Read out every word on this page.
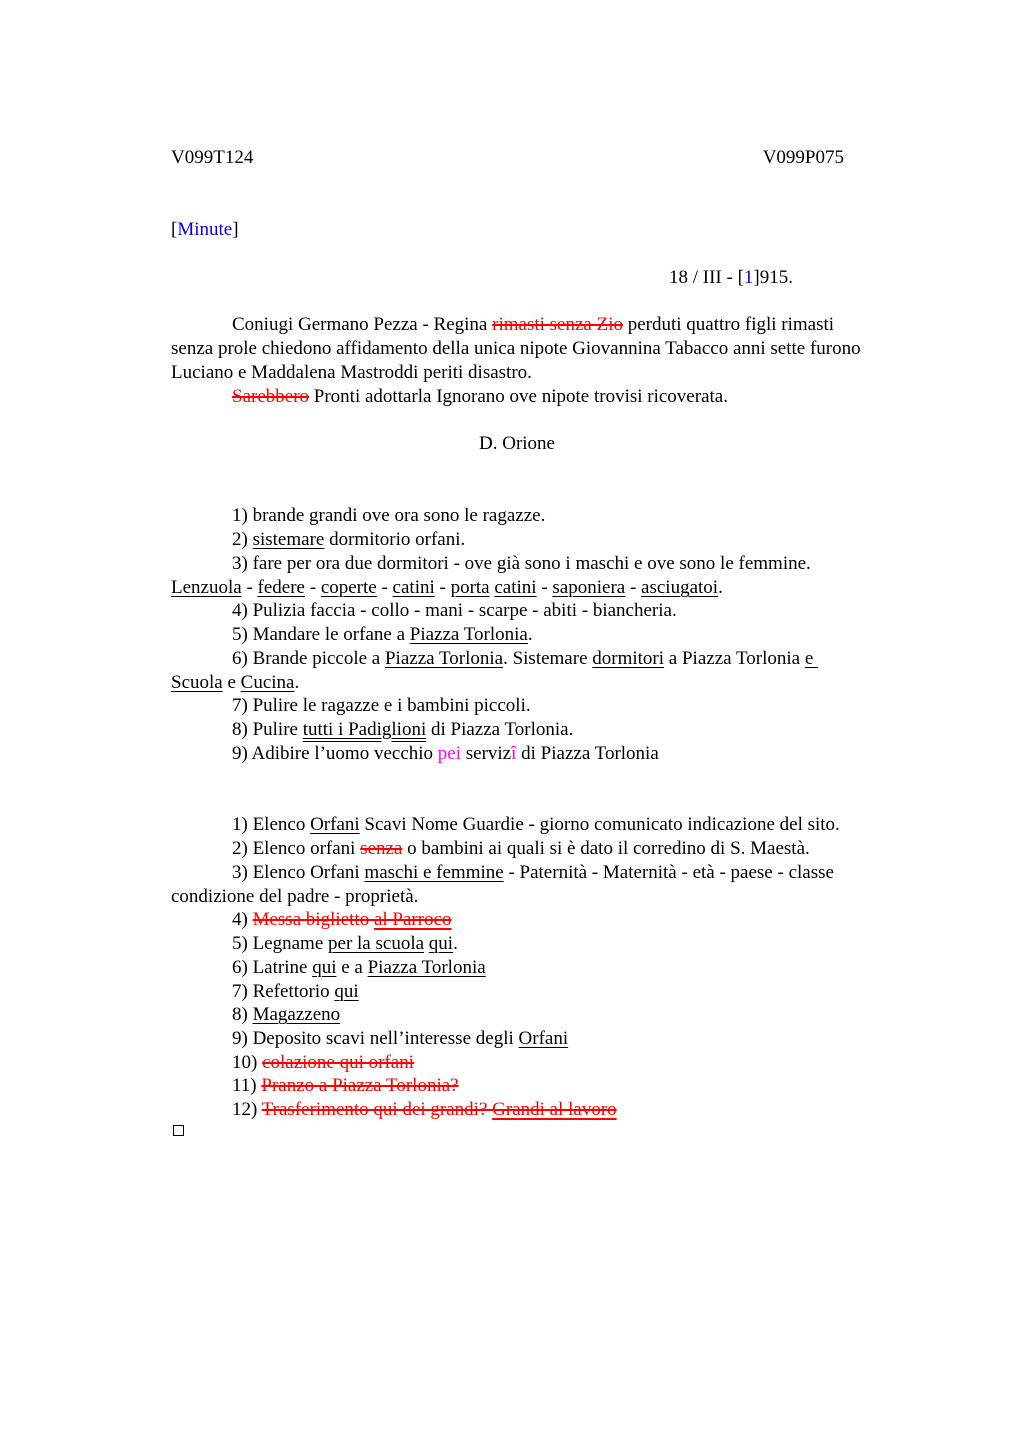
V099T124	V099P075
[Minute]
18 / III - [1]915.
Coniugi Germano Pezza - Regina rimasti senza Zio perduti quattro figli rimasti
senza prole chiedono affidamento della unica nipote Giovannina Tabacco anni sette furono
Luciano e Maddalena Mastroddi periti disastro.
Sarebbero Pronti adottarla Ignorano ove nipote trovisi ricoverata.
D. Orione
1) brande grandi ove ora sono le ragazze.
2) sistemare dormitorio orfani.
3) fare per ora due dormitori - ove già sono i maschi e ove sono le femmine.
Lenzuola - federe - coperte - catini - porta catini - saponiera - asciugatoi.
4) Pulizia faccia - collo - mani - scarpe - abiti - biancheria.
5) Mandare le orfane a Piazza Torlonia.
6) Brande piccole a Piazza Torlonia. Sistemare dormitori a Piazza Torlonia e
Scuola e Cucina.
7) Pulire le ragazze e i bambini piccoli.
8) Pulire tutti i Padiglioni di Piazza Torlonia.
9) Adibire l’uomo vecchio pei servizî di Piazza Torlonia
1) Elenco Orfani Scavi Nome Guardie - giorno comunicato indicazione del sito.
2) Elenco orfani senza o bambini ai quali si è dato il corredino di S. Maestà.
3) Elenco Orfani maschi e femmine - Paternità - Maternità - età - paese - classe
condizione del padre - proprietà.
4) Messa biglietto al Parroco
5) Legname per la scuola qui.
6) Latrine qui e a Piazza Torlonia
7) Refettorio qui
8) Magazzeno
9) Deposito scavi nell’interesse degli Orfani
10) colazione qui orfani
11) Pranzo a Piazza Torlonia?
12) Trasferimento qui dei grandi? Grandi al lavoro
